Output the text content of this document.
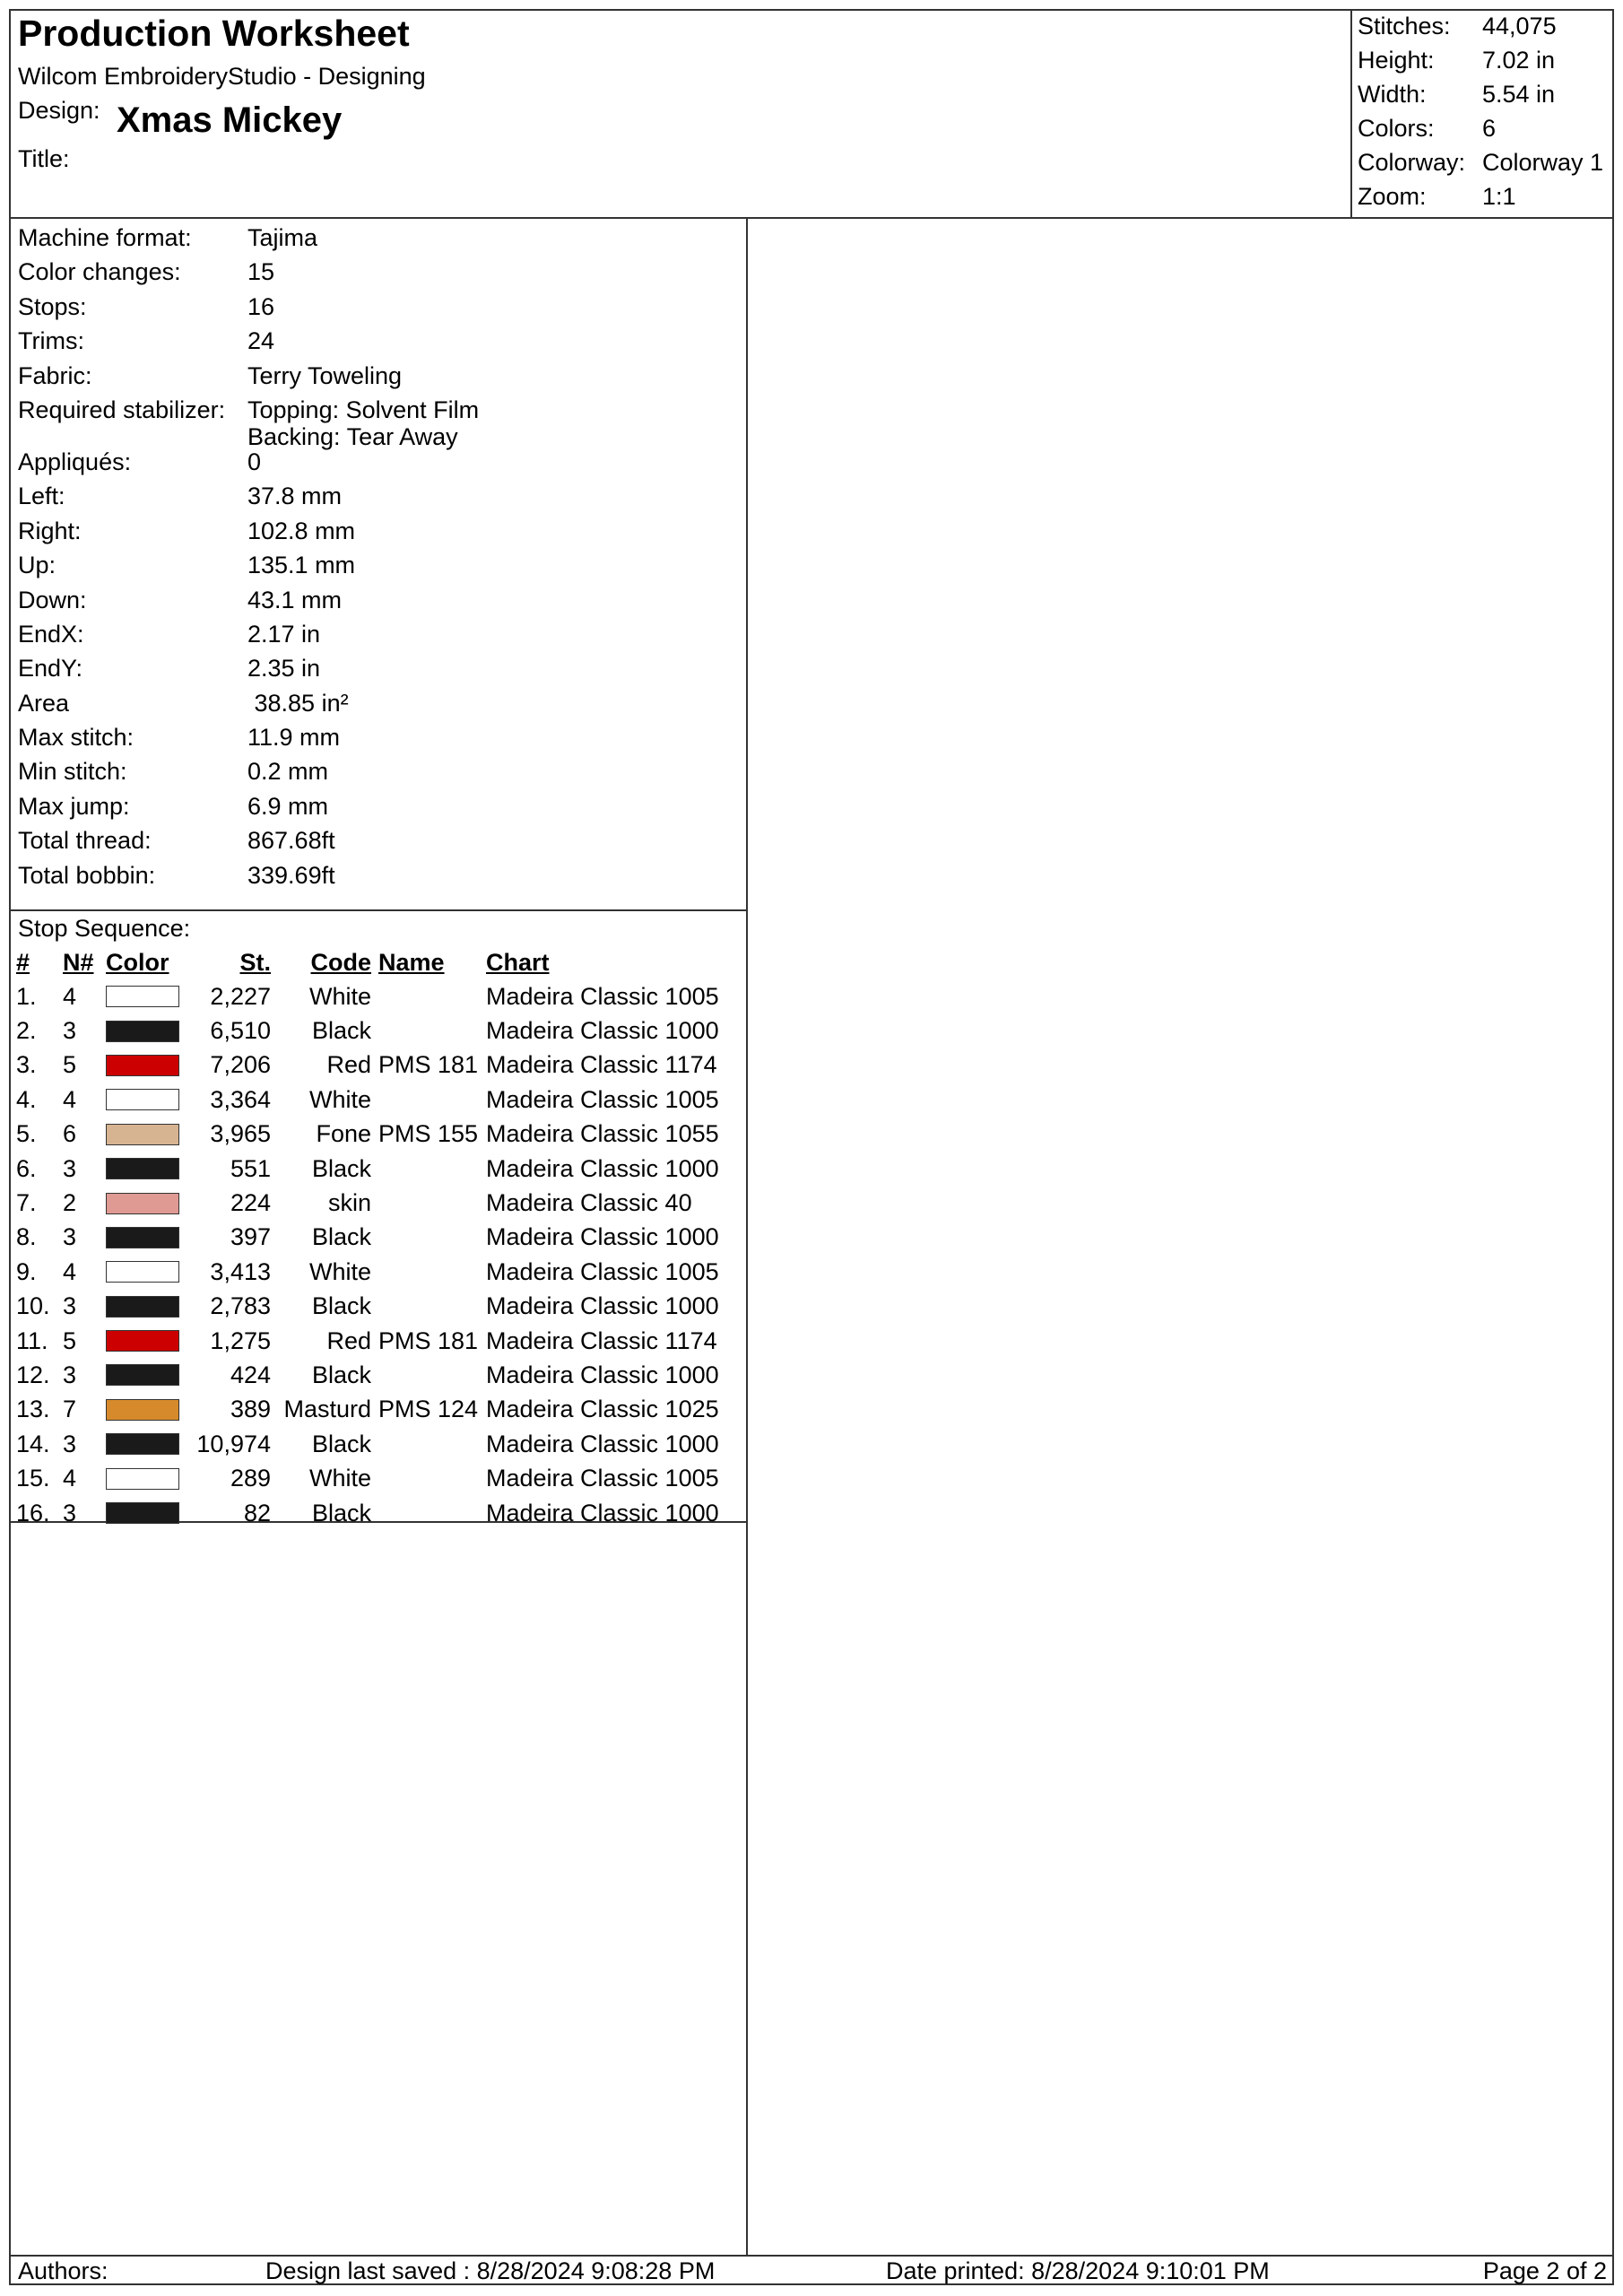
Production Worksheet
Wilcom EmbroideryStudio - Designing
Design: Xmas Mickey
Title:
Stitches: 44,075
Height: 7.02 in
Width: 5.54 in
Colors: 6
Colorway: Colorway 1
Zoom: 1:1
Machine format: Tajima
Color changes:	15
Stops:	16
Trims:	24
Fabric:	Terry Toweling
Required stabilizer: Topping: Solvent Film
Backing: Tear Away
Appliqués:	0
Left:	37.8 mm
Right:	102.8 mm
Up:	135.1 mm
Down:	43.1 mm
EndX:	2.17 in
EndY:	2.35 in
Area	38.85 in²
Max stitch:	11.9 mm
Min stitch:	0.2 mm
Max jump:	6.9 mm
Total thread:	867.68ft
Total bobbin:	339.69ft
Stop Sequence:
#	N#	Color	St.	Code	Name	Chart
1.	4		2,227	White		Madeira Classic 1005
2.	3		6,510	Black		Madeira Classic 1000
3.	5		7,206	Red	PMS 181	Madeira Classic 1174
4.	4		3,364	White		Madeira Classic 1005
5.	6		3,965	Fone	PMS 155	Madeira Classic 1055
6.	3		551	Black		Madeira Classic 1000
7.	2		224	skin		Madeira Classic 40
8.	3		397	Black		Madeira Classic 1000
9.	4		3,413	White		Madeira Classic 1005
10.	3		2,783	Black		Madeira Classic 1000
11.	5		1,275	Red	PMS 181	Madeira Classic 1174
12.	3		424	Black		Madeira Classic 1000
13.	7		389	Masturd	PMS 124	Madeira Classic 1025
14.	3		10,974	Black		Madeira Classic 1000
15.	4		289	White		Madeira Classic 1005
16.	3		82	Black		Madeira Classic 1000
Authors:	Design last saved : 8/28/2024 9:08:28 PM	Date printed: 8/28/2024 9:10:01 PM	Page 2 of 2
